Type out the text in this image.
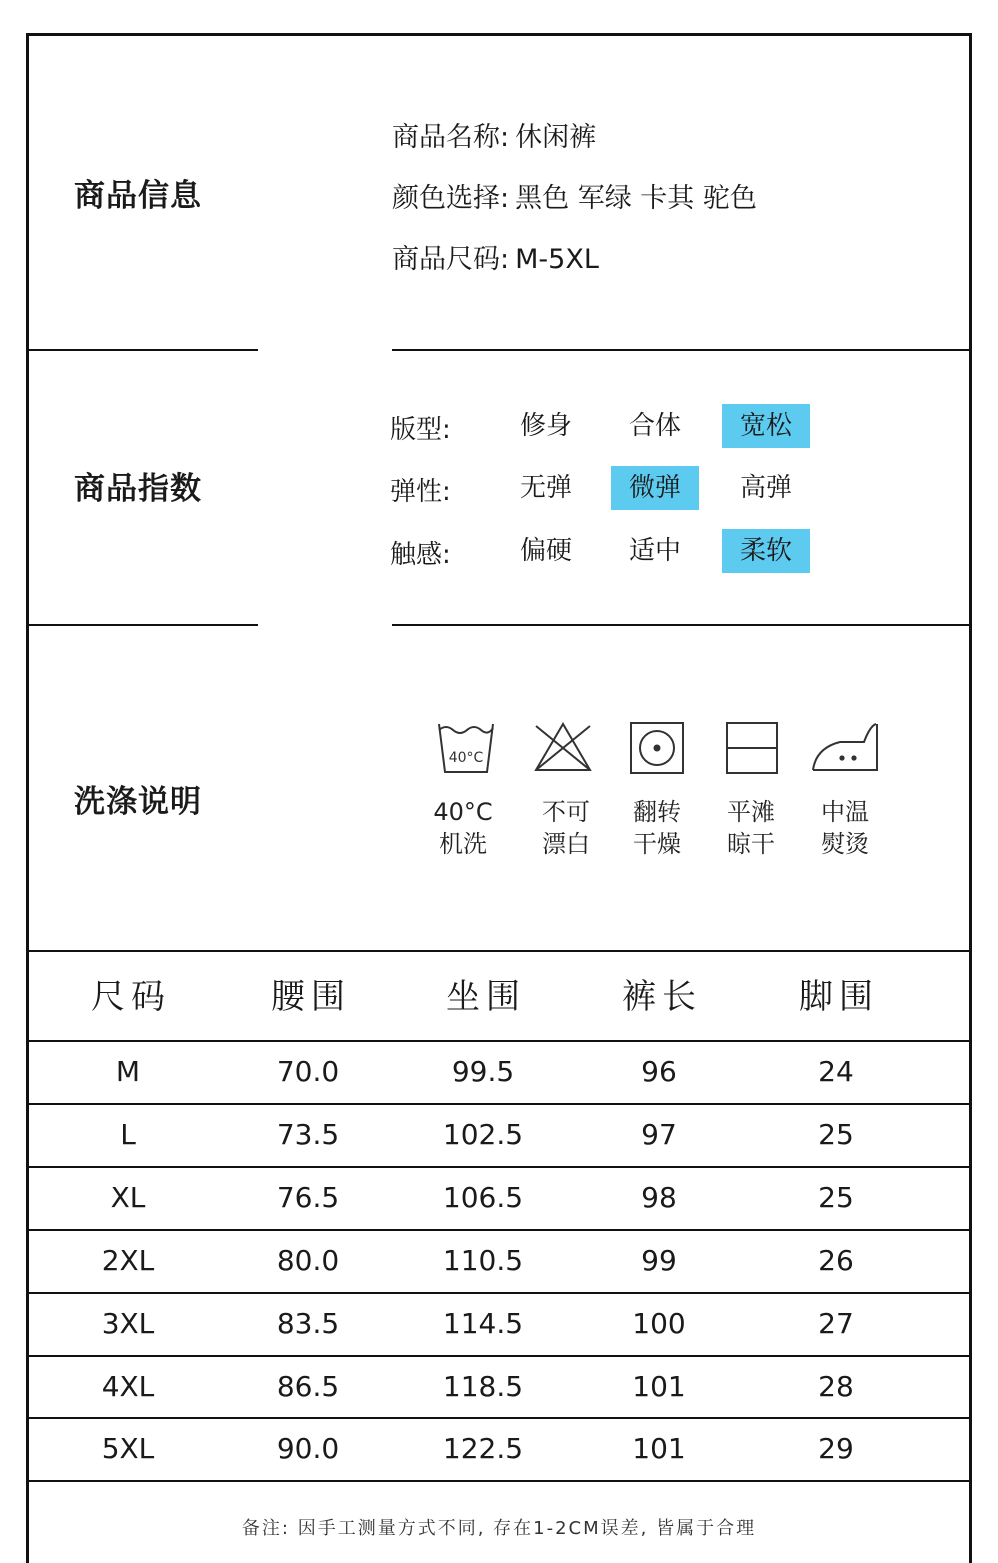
商品信息
商品名称: 休闲裤
颜色选择: 黑色 军绿 卡其 驼色
商品尺码: M-5XL
商品指数
版型:	修身	合体	宽松
弹性:	无弹	微弹	高弹
触感:	偏硬	适中	柔软
洗涤说明
40°C
40°C
机洗
不可
漂白
翻转
干燥
平滩
晾干
中温
熨烫
尺码	腰围	坐围	裤长	脚围
M	70.0	99.5	96	24
L	73.5	102.5	97	25
XL	76.5	106.5	98	25
2XL	80.0	110.5	99	26
3XL	83.5	114.5	100	27
4XL	86.5	118.5	101	28
5XL	90.0	122.5	101	29
备注: 因手工测量方式不同, 存在1-2CM误差, 皆属于合理
